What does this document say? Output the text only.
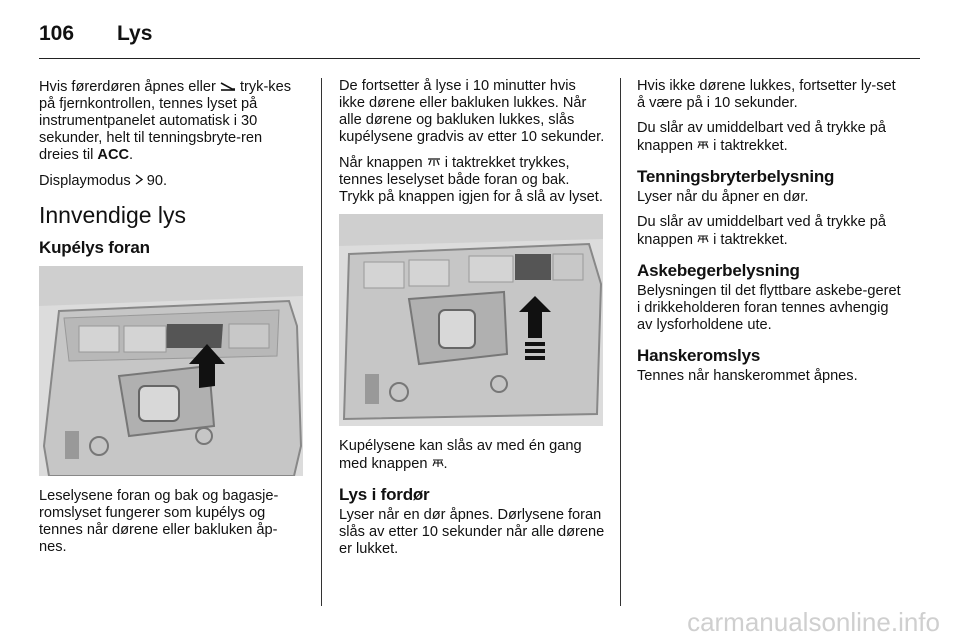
106 Lys

Hvis førerdøren åpnes eller tryk-kes på fjernkontrollen, tennes lyset på instrumentpanelet automatisk i 30 sekunder, helt til tenningsbryte-ren dreies til ACC.

Displaymodus 90.

Innvendige lys
Kupélys foran

Leselysene foran og bak og bagasje-romslyset fungerer som kupélys og tennes når dørene eller bakluken åp-nes.

De fortsetter å lyse i 10 minutter hvis ikke dørene eller bakluken lukkes. Når alle dørene og bakluken lukkes, slås kupélysene gradvis av etter 10 sekunder.

Når knappen i taktrekket trykkes, tennes leselyset både foran og bak. Trykk på knappen igjen for å slå av lyset.

Kupélysene kan slås av med én gang med knappen .

Lys i fordør

Lyser når en dør åpnes. Dørlysene foran slås av etter 10 sekunder når alle dørene er lukket.

Hvis ikke dørene lukkes, fortsetter ly-set å være på i 10 sekunder.

Du slår av umiddelbart ved å trykke på knappen i taktrekket.

Tenningsbryterbelysning

Lyser når du åpner en dør.

Du slår av umiddelbart ved å trykke på knappen i taktrekket.

Askebegerbelysning

Belysningen til det flyttbare askebe-geret i drikkeholderen foran tennes avhengig av lysforholdene ute.

Hanskeromslys

Tennes når hanskerommet åpnes.

carmanualsonline.info
